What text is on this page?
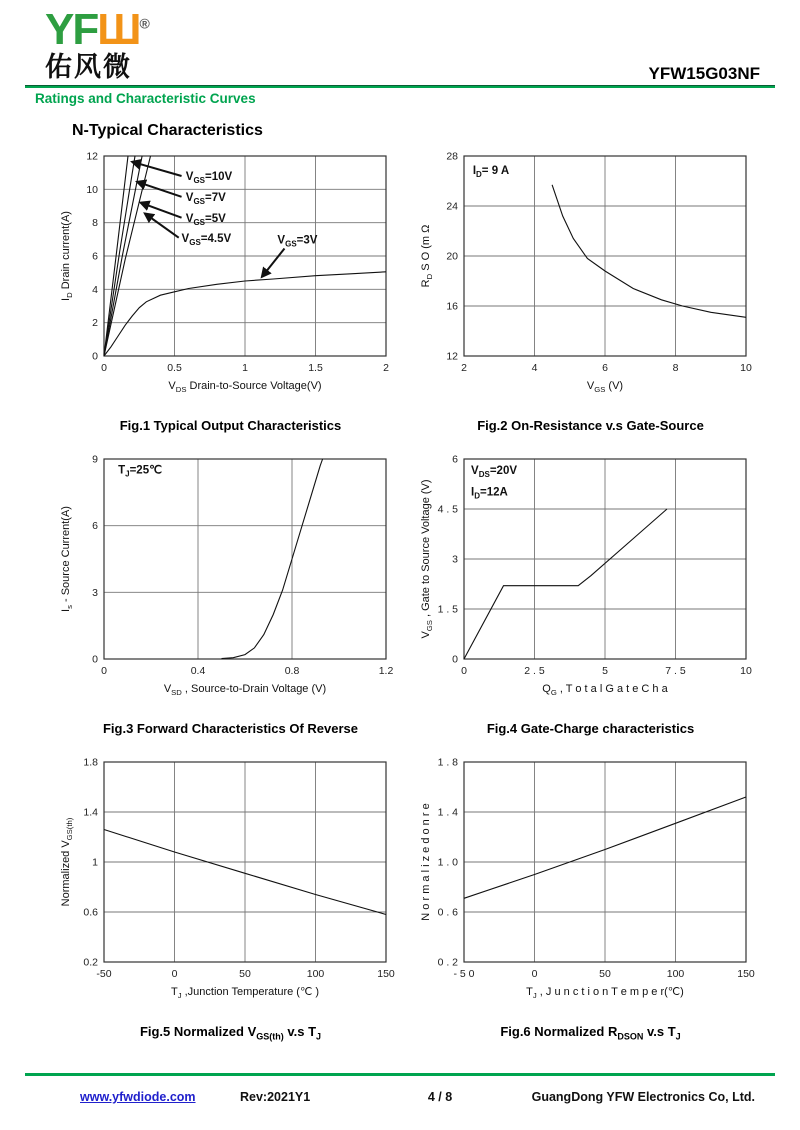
YFШ®
佑风微	YFW15G03NF
Ratings and Characteristic Curves
N-Typical Characteristics
0	0.5	1	1.5	2
0
2
4
6
8
10
12
$V_{DS}$ Drain-to-Source Voltage(V)
$I_D$ Drain current(A)
$V_{GS}=10V$
$V_{GS}=7V$
$V_{GS}=5V$
$V_{GS}=4.5V$	$V_{GS}=3V$
Fig.1 Typical Output Characteristics
2	4	6	8	10
12
16
20
24
28
$V_{GS}$ (V)
$R_D$ S O (m Ω
$I_D= 9$ A
Fig.2 On-Resistance v.s Gate-Source
0	0.4	0.8	1.2
0
3
6
9
$V_{SD}$ , Source-to-Drain Voltage (V)
$I_s$ - Source Current(A)
$T_J=25℃$
Fig.3 Forward Characteristics Of Reverse
0	2 . 5	5	7 . 5	10
0
1 . 5
3
4 . 5
6
$Q_G$ , T o t a l G a t e C h a
$V_{GS}$ , Gate to Source Voltage (V)
$V_{DS}=20V$
$I_D=12A$
Fig.4 Gate-Charge characteristics
-50	0	50	100	150
0.2
0.6
1
1.4
1.8
$T_J$ ,Junction Temperature (℃ )
Normalized $V_{GS(th)}$
Fig.5 Normalized $V_{GS(th)}$ v.s $T_J$
- 5 0	0	50	100	150
0 . 2
0 . 6
1 . 0
1 . 4
1 . 8
$T_J$ , J u n c t i o n T e m p e r(℃)
N o r m a l i z e d o n r e
Fig.6 Normalized $R_{DSON}$ v.s $T_J$
www.yfwdiode.com	Rev:2021Y1	4 / 8	GuangDong YFW Electronics Co, Ltd.
